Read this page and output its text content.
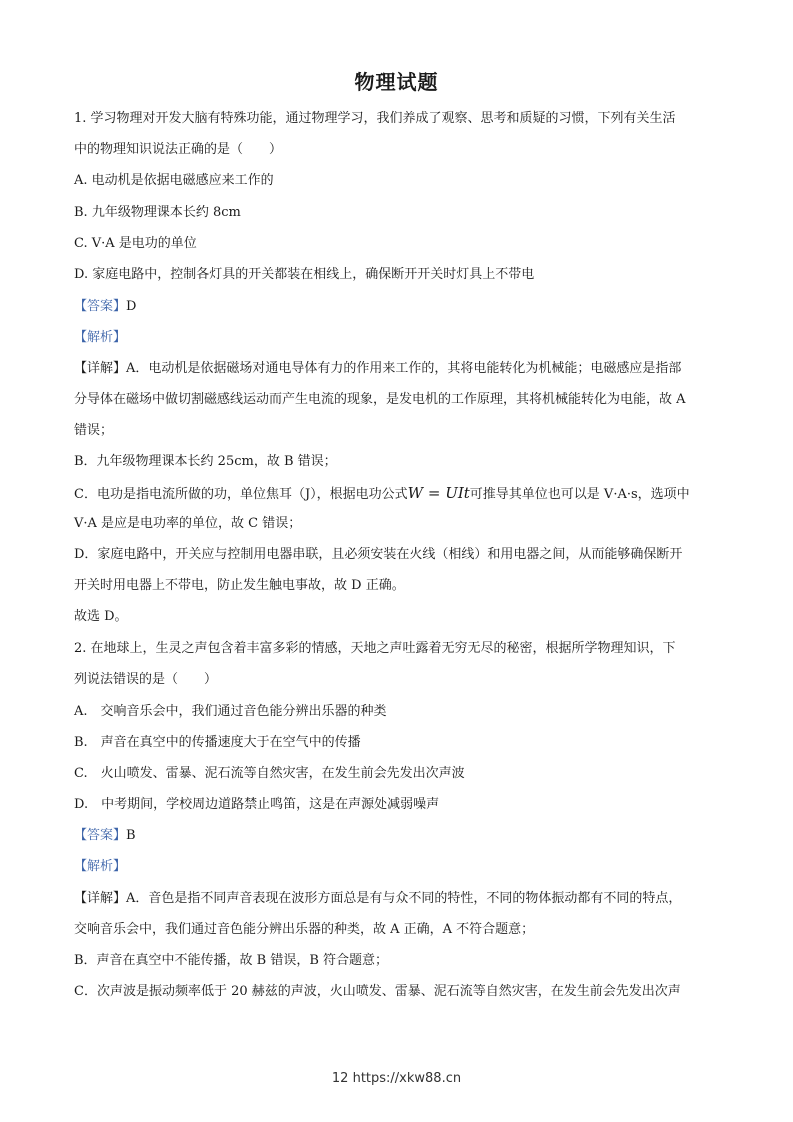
物理试题
1. 学习物理对开发大脑有特殊功能，通过物理学习，我们养成了观察、思考和质疑的习惯，下列有关生活
中的物理知识说法正确的是（　　）
A. 电动机是依据电磁感应来工作的
B. 九年级物理课本长约 8cm
C. V·A 是电功的单位
D. 家庭电路中，控制各灯具的开关都装在相线上，确保断开开关时灯具上不带电
【答案】D
【解析】
【详解】A．电动机是依据磁场对通电导体有力的作用来工作的，其将电能转化为机械能；电磁感应是指部
分导体在磁场中做切割磁感线运动而产生电流的现象，是发电机的工作原理，其将机械能转化为电能，故 A
错误；
B．九年级物理课本长约 25cm，故 B 错误；
C．电功是指电流所做的功，单位焦耳（J），根据电功公式W = UIt可推导其单位也可以是 V·A·s，选项中
V·A 是应是电功率的单位，故 C 错误；
D．家庭电路中，开关应与控制用电器串联，且必须安装在火线（相线）和用电器之间，从而能够确保断开
开关时用电器上不带电，防止发生触电事故，故 D 正确。
故选 D。
2. 在地球上，生灵之声包含着丰富多彩的情感，天地之声吐露着无穷无尽的秘密，根据所学物理知识，下
列说法错误的是（　　）
A.　交响音乐会中，我们通过音色能分辨出乐器的种类
B.　声音在真空中的传播速度大于在空气中的传播
C.　火山喷发、雷暴、泥石流等自然灾害，在发生前会先发出次声波
D.　中考期间，学校周边道路禁止鸣笛，这是在声源处减弱噪声
【答案】B
【解析】
【详解】A．音色是指不同声音表现在波形方面总是有与众不同的特性，不同的物体振动都有不同的特点，
交响音乐会中，我们通过音色能分辨出乐器的种类，故 A 正确，A 不符合题意；
B．声音在真空中不能传播，故 B 错误，B 符合题意；
C．次声波是振动频率低于 20 赫兹的声波，火山喷发、雷暴、泥石流等自然灾害，在发生前会先发出次声
12 https://xkw88.cn
